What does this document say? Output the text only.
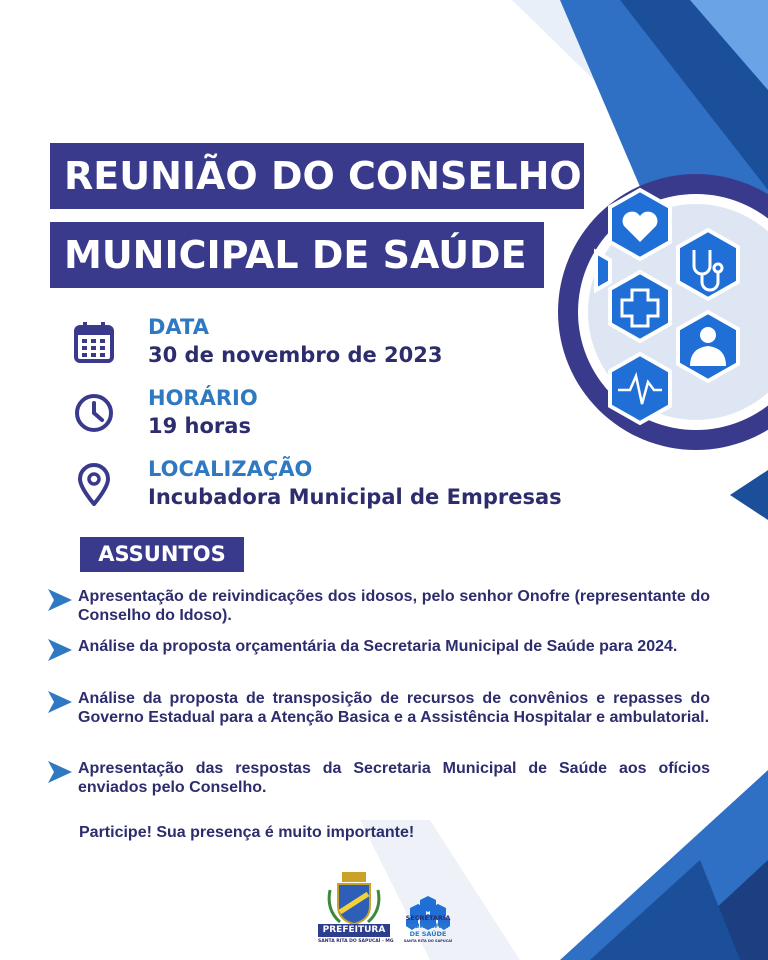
REUNIÃO DO CONSELHO
MUNICIPAL DE SAÚDE
DATA
30 de novembro de 2023
HORÁRIO
19 horas
LOCALIZAÇÃO
Incubadora Municipal de Empresas
ASSUNTOS
Apresentação de reivindicações dos idosos, pelo senhor Onofre (representante do Conselho do Idoso).
Análise da proposta orçamentária da Secretaria Municipal de Saúde para 2024.
Análise da proposta de transposição de recursos de convênios e repasses do Governo Estadual para a Atenção Basica e a Assistência Hospitalar e ambulatorial.
Apresentação das respostas da Secretaria Municipal de Saúde aos ofícios enviados pelo Conselho.
Participe! Sua presença é muito importante!
PREFEITURA
SANTA RITA DO SAPUCAÍ - MG
SECRETARIA
MUNICIPAL
DE SAÚDE
SANTA RITA DO SAPUCAÍ
